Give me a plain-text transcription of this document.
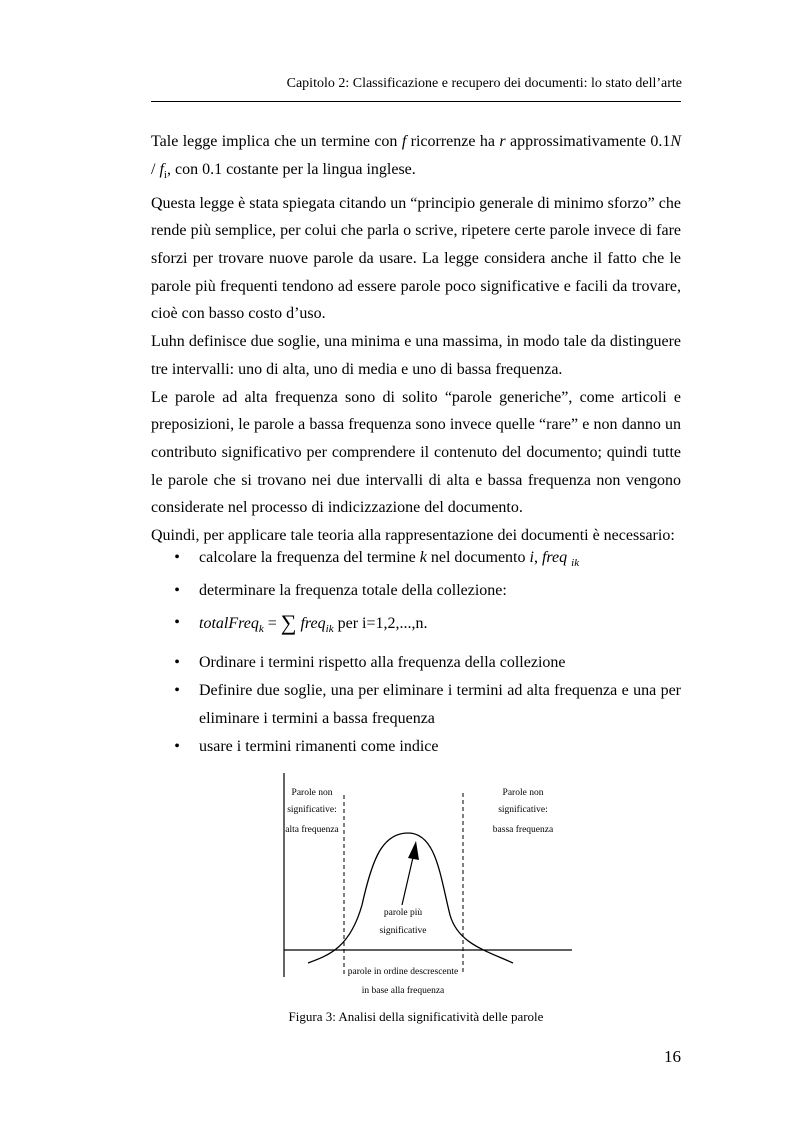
Capitolo 2: Classificazione e recupero dei documenti: lo stato dell’arte

Tale legge implica che un termine con f ricorrenze ha r approssimativamente $0.1N / f_i$, con 0.1 costante per la lingua inglese.

Questa legge è stata spiegata citando un “principio generale di minimo sforzo” che rende più semplice, per colui che parla o scrive, ripetere certe parole invece di fare sforzi per trovare nuove parole da usare. La legge considera anche il fatto che le parole più frequenti tendono ad essere parole poco significative e facili da trovare, cioè con basso costo d’uso.

Luhn definisce due soglie, una minima e una massima, in modo tale da distinguere tre intervalli: uno di alta, uno di media e uno di bassa frequenza.

Le parole ad alta frequenza sono di solito “parole generiche”, come articoli e preposizioni, le parole a bassa frequenza sono invece quelle “rare” e non danno un contributo significativo per comprendere il contenuto del documento; quindi tutte le parole che si trovano nei due intervalli di alta e bassa frequenza non vengono considerate nel processo di indicizzazione del documento.

Quindi, per applicare tale teoria alla rappresentazione dei documenti è necessario:

• calcolare la frequenza del termine k nel documento i, freq $_{ik}$
• determinare la frequenza totale della collezione:
• totalFreq$_k$ = ∑ freq$_{ik}$ per i=1,2,...,n.
• Ordinare i termini rispetto alla frequenza della collezione
• Definire due soglie, una per eliminare i termini ad alta frequenza e una per eliminare i termini a bassa frequenza
• usare i termini rimanenti come indice
Parole non
significative:
alta frequenza
Parole non
significative:
bassa frequenza
parole più
significative
parole in ordine descrescente
in base alla frequenza
Figura 3: Analisi della significatività delle parole
16
